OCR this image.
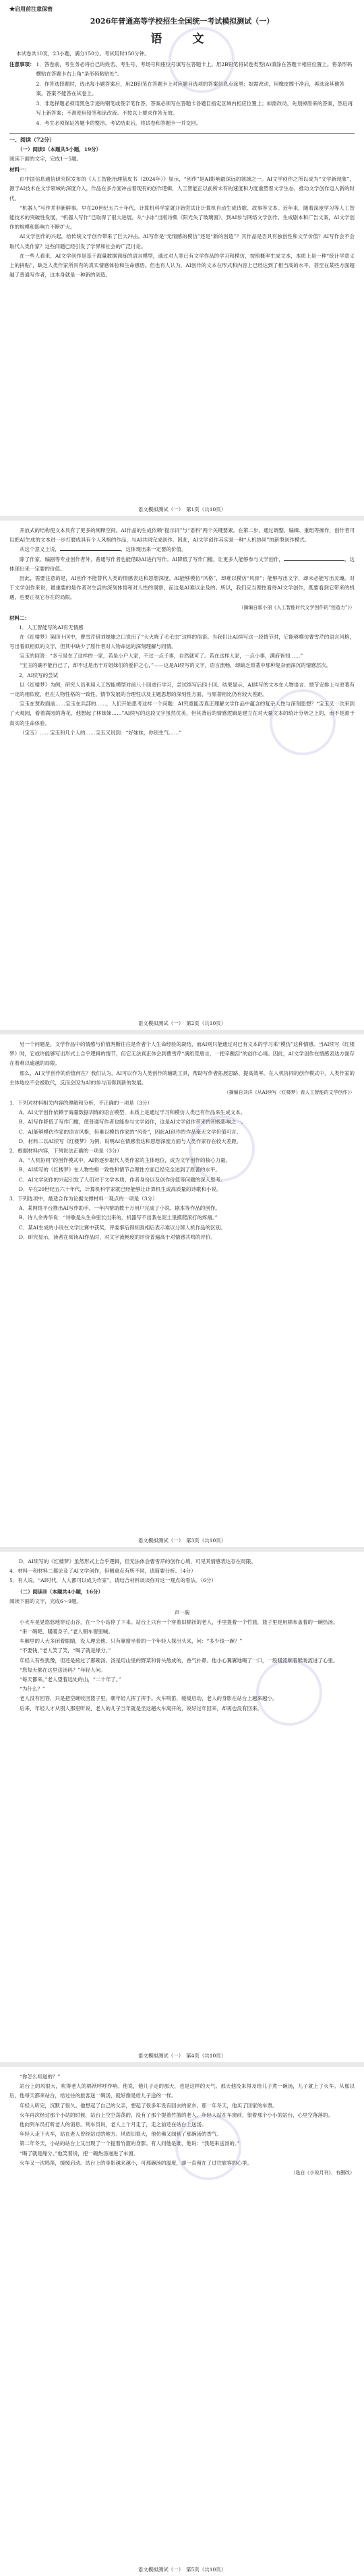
★启用前注意保密

2026年普通高等学校招生全国统一考试模拟测试（一）

语　文

本试卷共10页，23小题，满分150分。考试用时150分钟。

注意事项： 1．答卷前，考生务必将自己的姓名、考生号、考场号和座位号填写在答题卡上。用2B铅笔将试卷类型(A)填涂在答题卡相应位置上。将条形码横贴在答题卡右上角“条形码粘贴处”。
2．作答选择题时，选出每小题答案后，用2B铅笔在答题卡上对应题目选项的答案信息点涂黑；如需改动，用橡皮擦干净后，再选涂其他答案。答案不能答在试卷上。
3．非选择题必须用黑色字迹的钢笔或签字笔作答，答案必须写在答题卡各题目指定区域内相应位置上；如需改动，先划掉原来的答案，然后再写上新答案；不准使用铅笔和涂改液。不按以上要求作答无效。
4．考生必须保证答题卡的整洁。考试结束后，将试卷和答题卡一并交回。

一、阅读（72分）

（一）阅读Ⅰ（本题共5小题，19分）

阅读下面的文字，完成1～5题。

材料一：

由中国信息通信研究院发布的《人工智能治理蓝皮书（2024年）》显示，“创作”是AI影响最深远的领域之一。AI文学创作之所以成为“文学新现象”，源于AI技术在文学领域的深度介入，作品在多方面冲击着现有的创作逻辑，人工智能正以前所未有的速度和力度重塑着文学生态，推动文学创作迈入新的时代。

“机器人”写作并非新鲜事。早在20世纪五六十年代，计算机科学家就开始尝试让计算机自动生成诗歌、故事等文本。近年来，随着深度学习等人工智能技术的突破性发展，“机器人写作”已取得了很大进展。从“小冰”出版诗集《阳光失了玻璃窗》，到AI参与网络文学创作、生成剧本和广告文案，AI文学创作的规模和影响力不断扩大。

AI文学创作的兴起，给传统文学创作带来了巨大冲击。AI写作是“无情感的模仿”还是“新的创造”？其作品是否具有独创性和文学价值？AI写作会不会取代人类作家？这些问题已经引发了学界和社会的广泛讨论。

在一些人看来，AI文学创作是基于海量数据训练的语言模型，通过对人类已有文学作品的学习和模仿，按照概率生成文本，本质上是一种“统计学意义上的拼贴”，缺乏人类作家所具有的真实情感体验和生命感悟。但也有人认为，AI创作的文本在形式和内容上已经达到了相当高的水平，甚至在某些方面超越了普通写作者，这本身就是一种新的创造。

语文模拟测试（一）　第1页（共10页）

开放式的结构使文本具有了更多的阐释空间。AI作品的生成依赖“提示词”与“语料”两个关键要素。在第二步，通过调整、编辑、重组等操作，创作者可以把AI生成的文本进一步打磨成具有个人风格的作品，与AI共同完成创作。因此，AI文学创作其实是一种“人机协同”的新型创作模式。

从这个意义上说，	，这体现出来一定要的价值。

除了作家、编剧等专业创作者外，普通写作者也能借助AI进行写作。AI降低了写作门槛，让更多人能够参与文学创作，	，这体现出来一定要的价值。

因此，需要注意的是，AI创作不能替代人类的情感表达和思想深度。AI能够模仿“风格”，却难以模仿“风骨”；能够写出文字，却未必能写出灵魂。对于文学创作来说，最重要的是作者对生活的深刻体悟和对人性的洞察，而这是AI难以企及的。所以，我们应当理性看待AI文学创作，既要看到它带来的机遇，也要正视它存在的局限。

（摘编自郭小丽《人工智能时代文学创作的“创造力”》）

材料二：

1．人工智能写的AI有无情感

在《红楼梦》第四十回中，曹雪芹借刘姥姥之口说出了“大火烧了毛毛虫”这样的俗语。当我们让AI续写这一段情节时，它能够模仿曹雪芹的语言风格，写出看似相似的文字，但其中缺少了原作者对人物命运的深刻理解与同情。

宝玉的回答：“多亏是在了这样的一家，若是小户人家，不过一点子事，自然就可了。若在这样人家，一点小事，满府皆知……”

“宝玉的确不能自己了，却不过是出于对姐妹们的爱护之心，”——这是AI续写的文字，语言流畅，却缺乏原著中那种复杂而深沉的情感层次。

2．AI续写的尝试

以《红楼梦》为例，研究人员利用人工智能模型对前八十回进行学习，尝试续写后四十回。结果显示，AI续写的文本在人物语言、情节安排上与原著有一定的相似度，但在人物性格的一致性、情节发展的合理性以及主题思想的深刻性方面，与原著相比仍有较大差距。

宝玉在贾政面前……宝玉在兵部的……，人们开始思考这样一个问题：AI究竟能否真正理解文学作品中蕴含的复杂人性与深刻思想？“宝玉又一次来到了大观园，看着满园的落花，他想起了林妹妹……”AI续写的这段文字虽然优美，但其背后的情感逻辑是建立在对大量文本的统计分析之上的，而不是源于真实的生命体验。

（宝玉）……宝玉和几个人的……宝玉又说到：“好妹妹，你别生气……”

语文模拟测试（一）　第2页（共10页）

另一个问题是，文学作品中的情感与价值判断往往是作者个人生命经验的凝结，而AI则只能通过对已有文本的学习来“模仿”这种情感。当AI续写《红楼梦》时，它或许能够写出形式上合乎逻辑的情节，但它无法真正体会到曹雪芹“满纸荒唐言，一把辛酸泪”的创作心境。因此，AI文学创作在情感表达方面存在着难以逾越的局限。

那么，AI文学创作的价值何在？我们认为，AI可以作为人类创作的辅助工具，帮助写作者拓展思路、提高效率。在人机协同的创作模式中，人类作家的主体地位不会被取代，反而会因为AI的参与而得到新的发展。

（摘编自刘洋《从AI续写〈红楼梦〉看人工智能的文学创作》）

1．下列对材料相关内容的理解和分析，不正确的一项是（3分）

A．AI文学创作依赖于海量数据训练的语言模型，本质上是通过学习和模仿人类已有作品来生成文本。

B．AI写作降低了写作门槛，使普通写作者也能参与文学创作，这是AI文学创作带来的积极影响之一。

C．AI能够模仿作家的语言风格，但难以模仿作家的“风骨”，因此AI创作的作品毫无文学价值可言。

D．材料二以AI续写《红楼梦》为例，说明AI在情感表达和思想深度方面与人类作家存在较大差距。

2．根据材料内容，下列说法正确的一项是（3分）

A．“人机协同”的创作模式中，AI将逐步取代人类作家的主体地位，成为文学创作的核心力量。

B．AI续写的《红楼梦》在人物性格一致性和情节合理性方面已经完全达到了原著的水平。

C．AI文学创作的兴起引发了人们对于文学本质、作者身份以及创作价值等问题的深入思考。

D．早在20世纪五六十年代，计算机科学家就已经能够让计算机生成高质量的诗歌和小说。

3．下列选项中，最适合作为论据支撑材料一观点的一项是（3分）

A．某网络平台推出AI写作助手，一年内帮助数十万用户完成了小说、剧本等作品的创作。

B．诗人余秀华说：“诗歌是从生命里长出来的，机器写不出我在泥土里摸爬滚打的疼痛。”

C．某AI生成的小说在文学比赛中获奖，评委事后得知真相后表示难以分辨人机作品的区别。

D．研究显示，读者在阅读AI作品时，对文字流畅度的评价普遍高于对情感共鸣的评价。

语文模拟测试（一）　第3页（共10页）

D．AI续写的《红楼梦》虽然形式上合乎逻辑，但无法体会曹雪芹的创作心境，可见其情感表达存在局限。

4．材料一和材料二都论及了AI文学创作，但侧重点有所不同，请简要分析。（4分）

5．有人说，“AI时代，人人都可以成为作家”。请结合材料谈谈你对这一观点的看法。（6分）

（二）阅读Ⅱ（本题共4小题，16分）

阅读下面的文字，完成6～9题。

声一碗

小火车晃晃悠悠地穿过山谷，在一个小站停了下来。站台上只有一个穿着旧棉袄的老人，手里提着一个竹篮，篮子里是用棉布盖着的一碗热汤。

“来一碗吧，暖暖身子。”老人朝车窗里喊。

车厢里的人大多闭着眼睛，没人理会他。只有靠窗坐着的一个年轻人探出头来，问：“多少钱一碗？”

“不要钱，”老人笑了笑，“喝了就是缘分。”

年轻人有些犹豫，但还是接过了那碗汤。汤是用山里的野菜和骨头熬成的，香气扑鼻。他小心翼翼地喝了一口，一股暖流顺着喉咙流进了心里。

“您每天都在这里送汤吗？”年轻人问。

“每天都来。”老人望着远处的山，“二十年了。”

“为什么？”

老人没有回答，只是把空碗收回篮子里，朝年轻人挥了挥手。火车鸣笛，缓缓启动，老人的身影在站台上越来越小。

后来，年轻人才从别人那里听说，老人的儿子当年就是坐这趟火车离开的，说好过年回来，却再也没有回来。

语文模拟测试（一）　第4页（共10页）

“你怎么知道的？”

站台上的风很大，吹得老人的棉袄呼呼作响。他说，他儿子走的那天，也是这样的天气。那天他没来得及给儿子煮一碗汤，儿子就上了火车。从那以后，他每天都来站台，给过往的旅客送一碗汤，就好像是给儿子送的一样。

年轻人听完，沉默了很久。他想起了自己的父亲，想起了很多年没有回去的家乡。那一年冬天，他买了回家的车票。

火车再次经过那个小站的时候，站台上空空荡荡的，没有了那个提着竹篮的老人。年轻人站在车窗前，望着那个小小的站台，心里空落落的。

他向列车员打听老人的消息。列车员说，老人上个月走了，走之前还在站台上送汤。

年轻人走下火车，站在老人曾经站过的地方。风依旧很大，他仿佛又闻到了那碗汤的香气。

第二年冬天，小站的站台上又出现了一个提着竹篮的身影。有人问他是谁，他说：“我是来送汤的。”

“喝了就是缘分。”他笑着说，把一碗热汤递进了车窗。

火车又一次鸣笛，缓缓启动。站台上的身影越来越小，可那碗汤的温度，却一直留在了过往旅客的心里。

（选自《小说月刊》，有删改）

语文模拟测试（一）　第5页（共10页）
